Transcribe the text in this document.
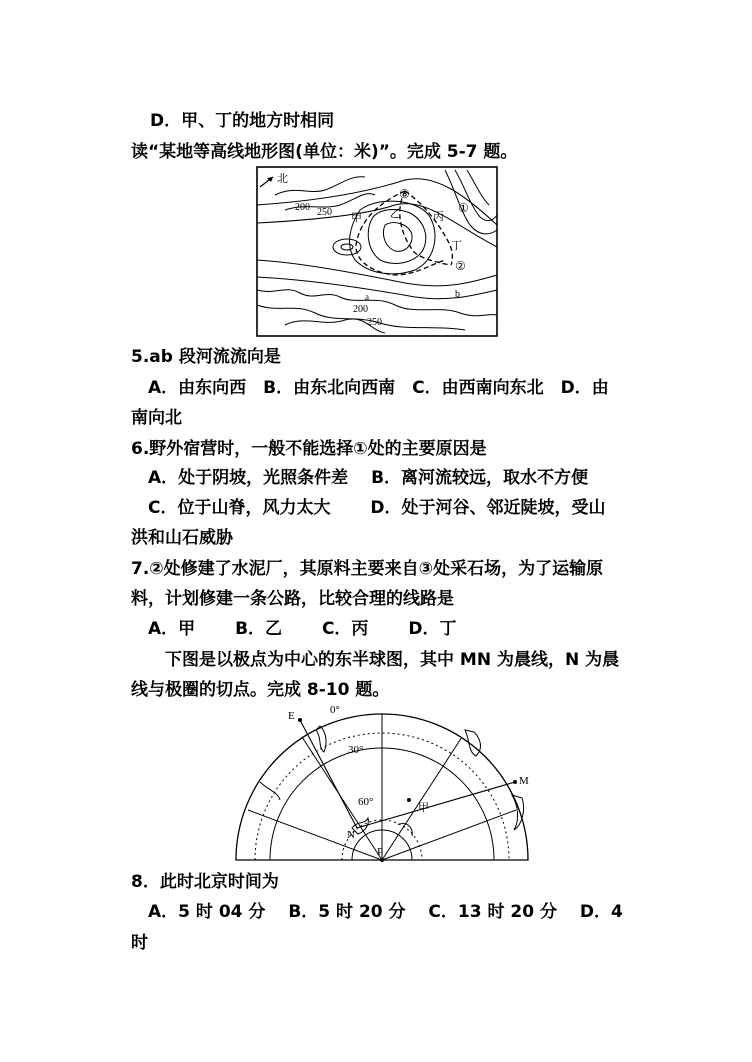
D．甲、丁的地方时相同
读“某地等高线地形图(单位：米)”。完成 5-7 题。
北
200 250 甲	乙	丙
丁
③
①
②
a	b
200
250
5.ab 段河流流向是
A．由东向西　B．由东北向西南　C．由西南向东北　D．由
南向北
6.野外宿营时，一般不能选择①处的主要原因是
A．处于阴坡，光照条件差　 B．离河流较远，取水不方便
C．位于山脊，风力太大　　 D．处于河谷、邻近陡坡，受山
洪和山石威胁
7.②处修建了水泥厂，其原料主要来自③处采石场，为了运输原
料，计划修建一条公路，比较合理的线路是
A．甲　　 B．乙　　 C．丙　　 D．丁
下图是以极点为中心的东半球图，其中 MN 为晨线，N 为晨
线与极圈的切点。完成 8-10 题。
0°
30°
60°
E
M
N
P
甲
8．此时北京时间为
A．5 时 04 分　 B．5 时 20 分　 C．13 时 20 分　 D．4
时
